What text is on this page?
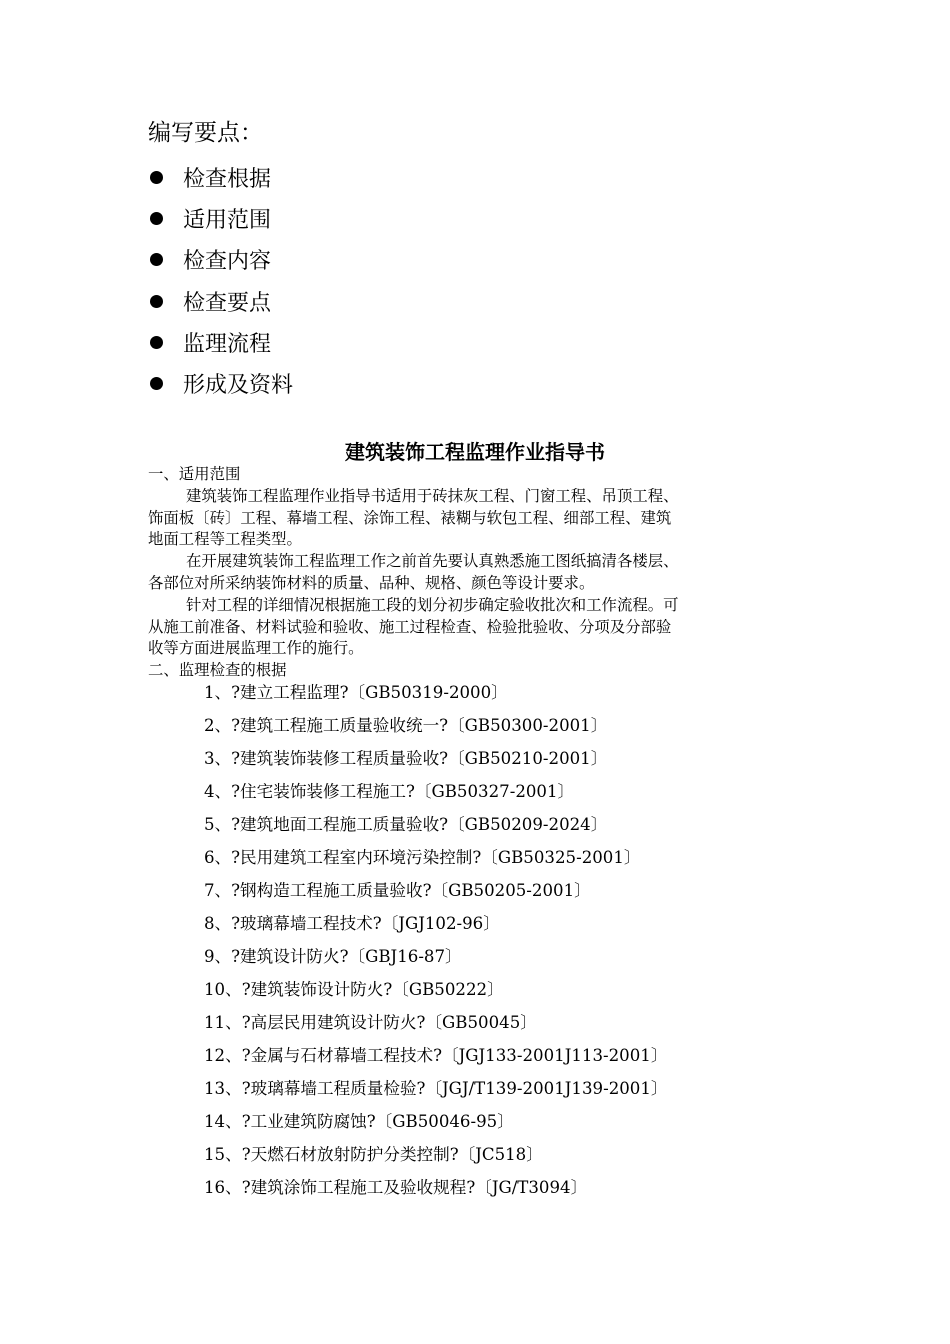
编写要点：
检查根据
适用范围
检查内容
检查要点
监理流程
形成及资料
建筑装饰工程监理作业指导书
一、适用范围
建筑装饰工程监理作业指导书适用于砖抹灰工程、门窗工程、吊顶工程、
饰面板〔砖〕工程、幕墙工程、涂饰工程、裱糊与软包工程、细部工程、建筑
地面工程等工程类型。
在开展建筑装饰工程监理工作之前首先要认真熟悉施工图纸搞清各楼层、
各部位对所采纳装饰材料的质量、品种、规格、颜色等设计要求。
针对工程的详细情况根据施工段的划分初步确定验收批次和工作流程。可
从施工前准备、材料试验和验收、施工过程检查、检验批验收、分项及分部验
收等方面进展监理工作的施行。
二、监理检查的根据
1、?建立工程监理?〔GB50319-2000〕
2、?建筑工程施工质量验收统一?〔GB50300-2001〕
3、?建筑装饰装修工程质量验收?〔GB50210-2001〕
4、?住宅装饰装修工程施工?〔GB50327-2001〕
5、?建筑地面工程施工质量验收?〔GB50209-2024〕
6、?民用建筑工程室内环境污染控制?〔GB50325-2001〕
7、?钢构造工程施工质量验收?〔GB50205-2001〕
8、?玻璃幕墙工程技术?〔JGJ102-96〕
9、?建筑设计防火?〔GBJ16-87〕
10、?建筑装饰设计防火?〔GB50222〕
11、?高层民用建筑设计防火?〔GB50045〕
12、?金属与石材幕墙工程技术?〔JGJ133-2001J113-2001〕
13、?玻璃幕墙工程质量检验?〔JGJ/T139-2001J139-2001〕
14、?工业建筑防腐蚀?〔GB50046-95〕
15、?天燃石材放射防护分类控制?〔JC518〕
16、?建筑涂饰工程施工及验收规程?〔JG/T3094〕
